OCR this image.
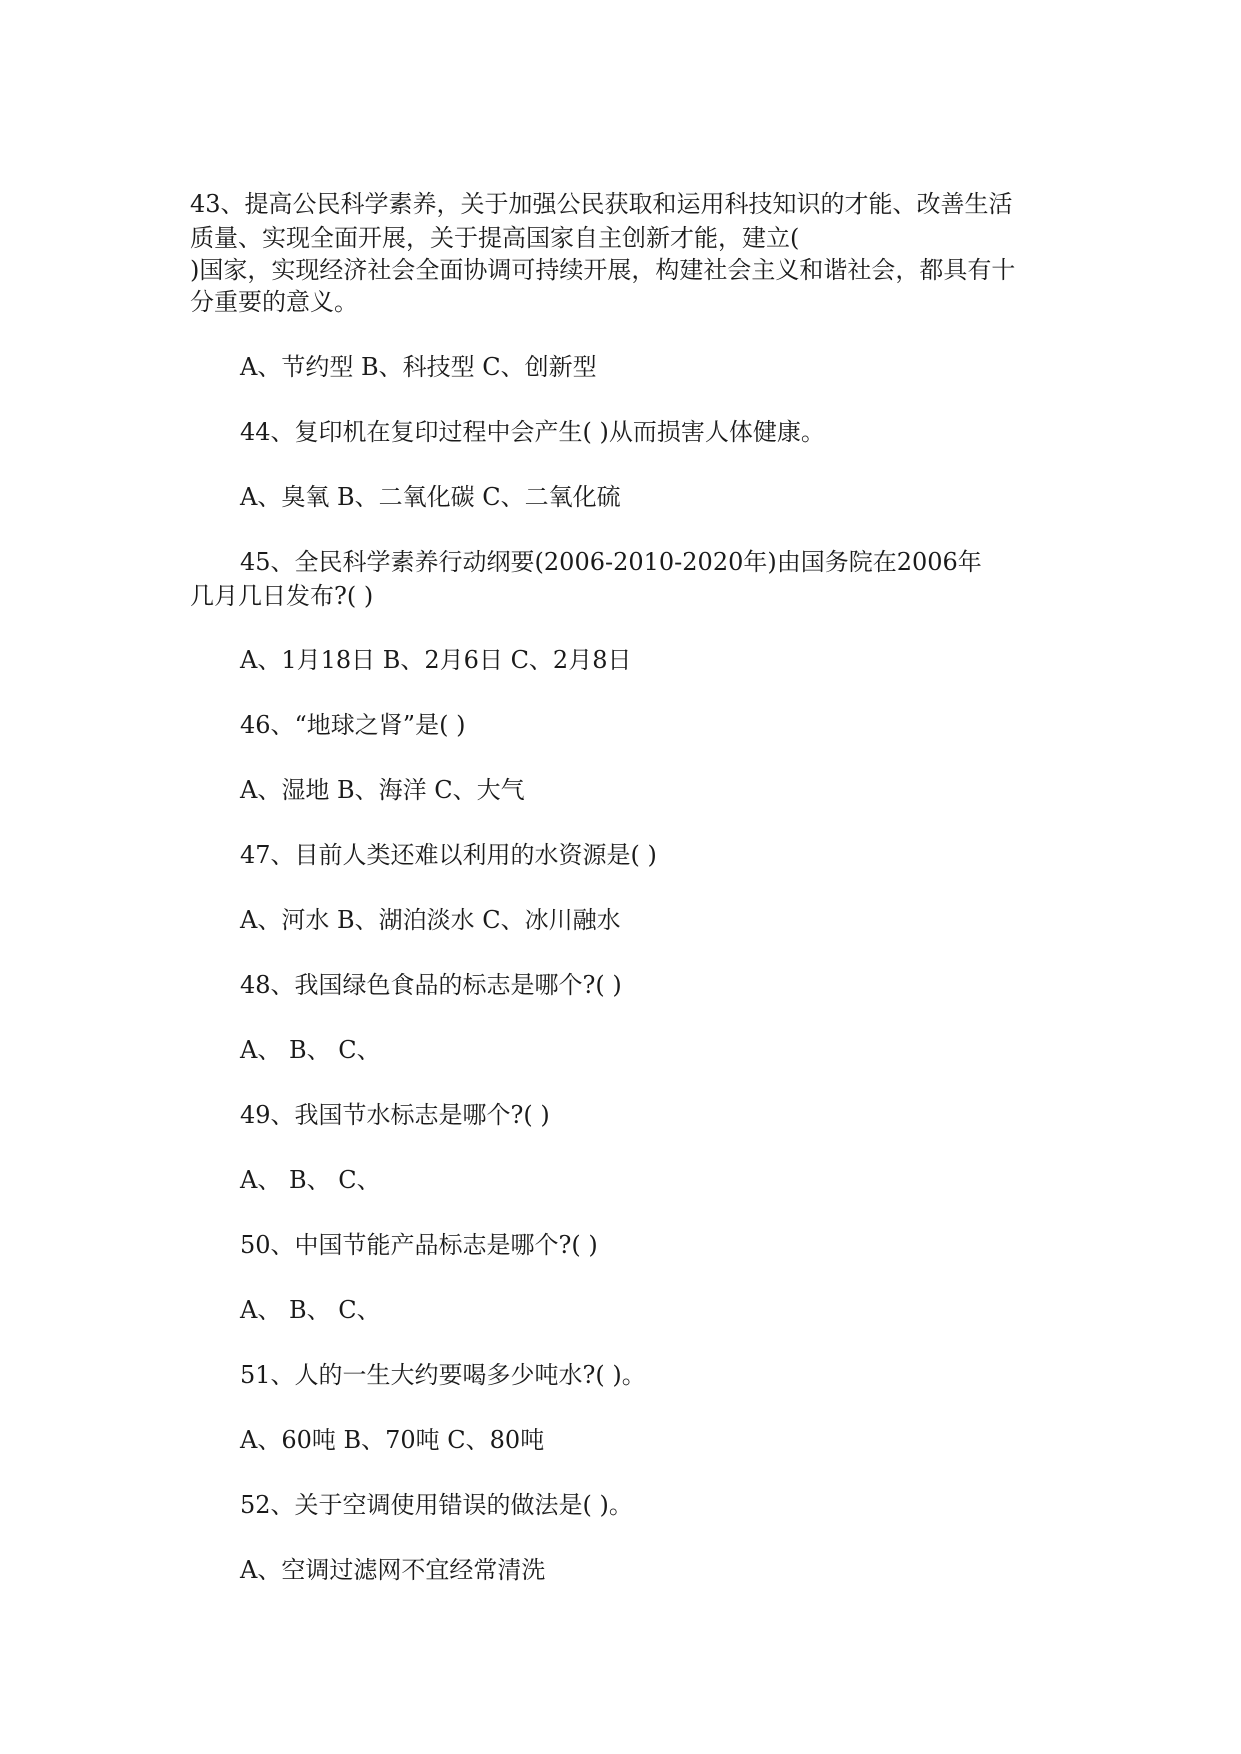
43、提高公民科学素养，关于加强公民获取和运用科技知识的才能、改善生活
质量、实现全面开展，关于提高国家自主创新才能，建立(
)国家，实现经济社会全面协调可持续开展，构建社会主义和谐社会，都具有十
分重要的意义。
A、节约型 B、科技型 C、创新型
44、复印机在复印过程中会产生( )从而损害人体健康。
A、臭氧 B、二氧化碳 C、二氧化硫
45、全民科学素养行动纲要(2006-2010-2020年)由国务院在2006年
几月几日发布?( )
A、1月18日 B、2月6日 C、2月8日
46、“地球之肾”是( )
A、湿地 B、海洋 C、大气
47、目前人类还难以利用的水资源是( )
A、河水 B、湖泊淡水 C、冰川融水
48、我国绿色食品的标志是哪个?( )
A、 B、 C、
49、我国节水标志是哪个?( )
A、 B、 C、
50、中国节能产品标志是哪个?( )
A、 B、 C、
51、人的一生大约要喝多少吨水?( )。
A、60吨 B、70吨 C、80吨
52、关于空调使用错误的做法是( )。
A、空调过滤网不宜经常清洗
